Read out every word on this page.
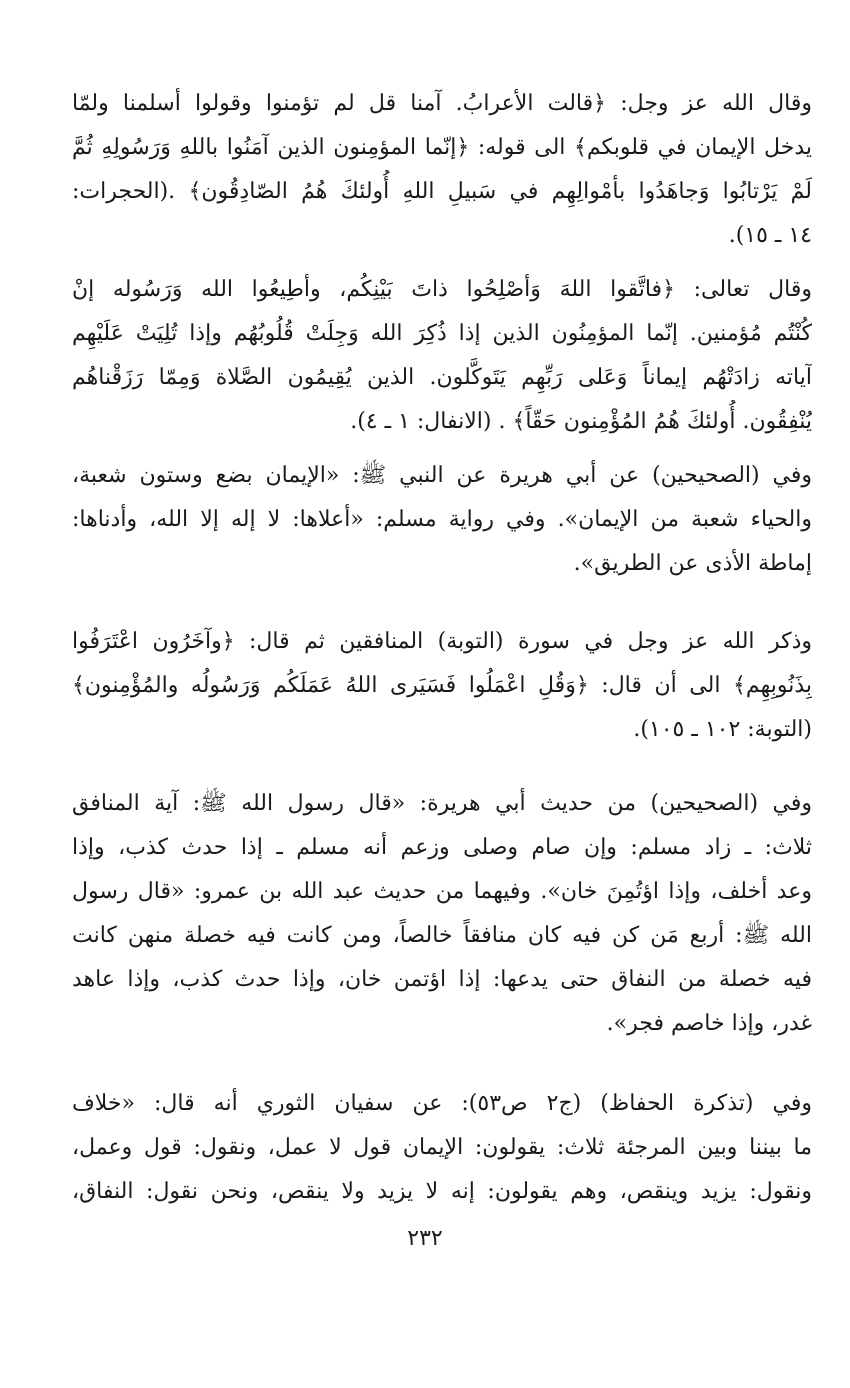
وقال الله عز وجل: ﴿قالت الأعرابُ. آمنا قل لم تؤمنوا وقولوا أسلمنا ولمّا
يدخل الإيمان في قلوبكم﴾ الى قوله: ﴿إنّما المؤمِنون الذين آمَنُوا باللهِ وَرَسُولِهِ ثُمَّ
لَمْ يَرْتابُوا وَجاهَدُوا بأمْوالِهِم في سَبيلِ اللهِ أُولئكَ هُمُ الصّادِقُون﴾ .(الحجرات:
١٤ ـ ١٥).
وقال تعالى: ﴿فاتَّقوا اللهَ وَأصْلِحُوا ذاتَ بَيْنِكُم، وأطِيعُوا الله وَرَسُوله إنْ
كُنْتُم مُؤمنين. إنّما المؤمِنُون الذين إذا ذُكِرَ الله وَجِلَتْ قُلُوبُهُم وإذا تُلِيَتْ عَلَيْهِم
آياته زادَتْهُم إيماناً وَعَلى رَبِّهِم يَتَوكَّلون. الذين يُقِيمُون الصَّلاة وَمِمّا رَزَقْناهُم
يُنْفِقُون. أُولئكَ هُمُ المُؤْمِنون حَقّاً﴾ . (الانفال: ١ ـ ٤).
وفي (الصحيحين) عن أبي هريرة عن النبي ﷺ: «الإيمان بضع وستون شعبة،
والحياء شعبة من الإيمان». وفي رواية مسلم: «أعلاها: لا إله إلا الله، وأدناها:
إماطة الأذى عن الطريق».
وذكر الله عز وجل في سورة (التوبة) المنافقين ثم قال: ﴿وآخَرُون اعْتَرَفُوا
بِذَنُوبِهِم﴾ الى أن قال: ﴿وَقُلِ اعْمَلُوا فَسَيَرى اللهُ عَمَلَكُم وَرَسُولُه والمُؤْمِنون﴾
(التوبة: ١٠٢ ـ ١٠٥).
وفي (الصحيحين) من حديث أبي هريرة: «قال رسول الله ﷺ: آية المنافق
ثلاث: ـ زاد مسلم: وإن صام وصلى وزعم أنه مسلم ـ إذا حدث كذب، وإذا
وعد أخلف، وإذا اؤتُمِنَ خان». وفيهما من حديث عبد الله بن عمرو: «قال رسول
الله ﷺ: أربع مَن كن فيه كان منافقاً خالصاً، ومن كانت فيه خصلة منهن كانت
فيه خصلة من النفاق حتى يدعها: إذا اؤتمن خان، وإذا حدث كذب، وإذا عاهد
غدر، وإذا خاصم فجر».
وفي (تذكرة الحفاظ) (ج٢ ص٥٣): عن سفيان الثوري أنه قال: «خلاف
ما بيننا وبين المرجئة ثلاث: يقولون: الإيمان قول لا عمل، ونقول: قول وعمل،
ونقول: يزيد وينقص، وهم يقولون: إنه لا يزيد ولا ينقص، ونحن نقول: النفاق،
٢٣٢
